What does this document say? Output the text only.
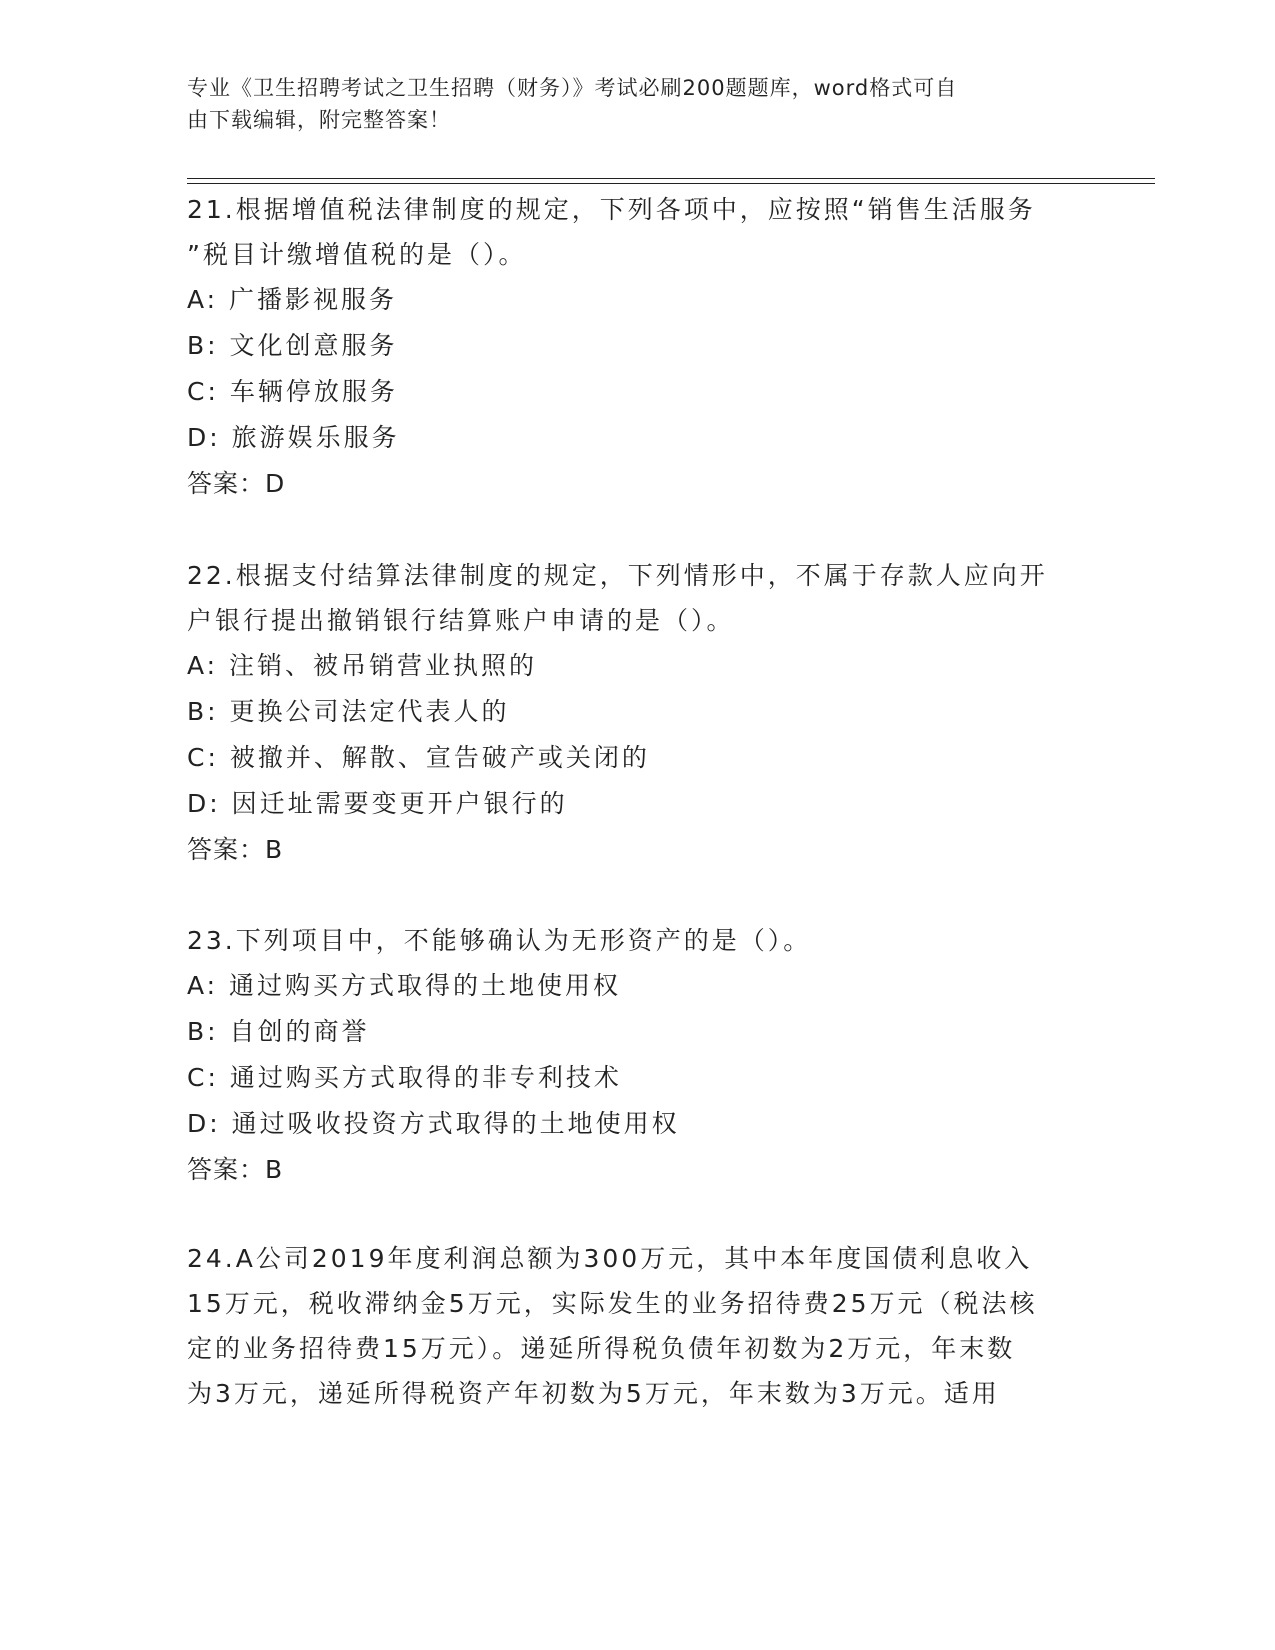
专业《卫生招聘考试之卫生招聘（财务）》考试必刷200题题库，word格式可自
由下载编辑，附完整答案！
21.根据增值税法律制度的规定，下列各项中，应按照“销售生活服务
”税目计缴增值税的是（）。
A: 广播影视服务
B: 文化创意服务
C: 车辆停放服务
D: 旅游娱乐服务
答案：D
22.根据支付结算法律制度的规定，下列情形中，不属于存款人应向开
户银行提出撤销银行结算账户申请的是（）。
A: 注销、被吊销营业执照的
B: 更换公司法定代表人的
C: 被撤并、解散、宣告破产或关闭的
D: 因迁址需要变更开户银行的
答案：B
23.下列项目中，不能够确认为无形资产的是（）。
A: 通过购买方式取得的土地使用权
B: 自创的商誉
C: 通过购买方式取得的非专利技术
D: 通过吸收投资方式取得的土地使用权
答案：B
24.A公司2019年度利润总额为300万元，其中本年度国债利息收入
15万元，税收滞纳金5万元，实际发生的业务招待费25万元（税法核
定的业务招待费15万元）。递延所得税负债年初数为2万元，年末数
为3万元，递延所得税资产年初数为5万元，年末数为3万元。适用
